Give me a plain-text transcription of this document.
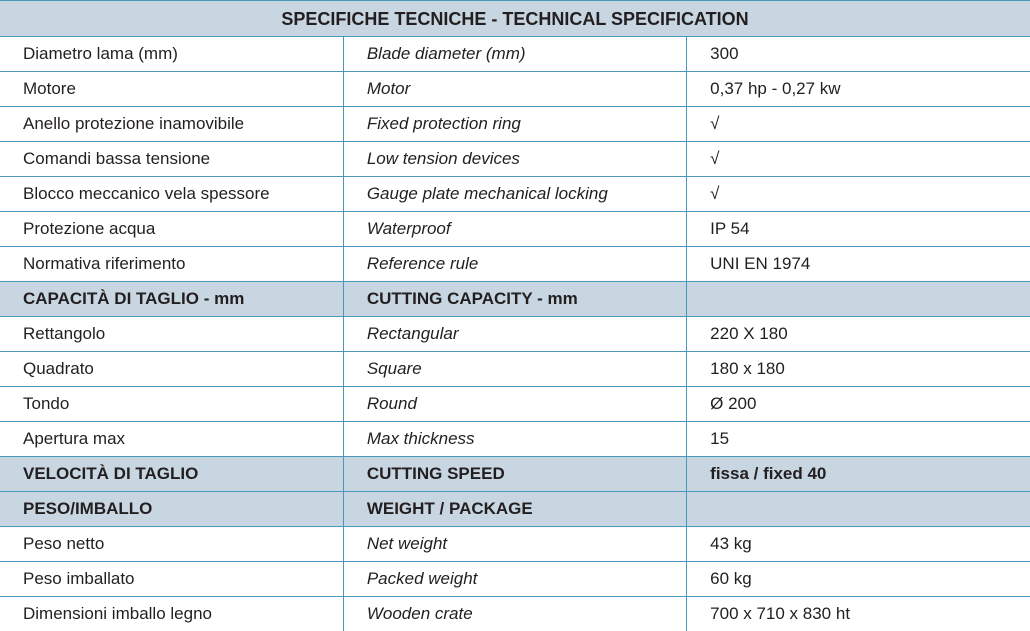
SPECIFICHE TECNICHE - TECHNICAL SPECIFICATION		
Diametro lama (mm)	Blade diameter (mm)	300
Motore	Motor	0,37 hp - 0,27 kw
Anello protezione inamovibile	Fixed protection ring	√
Comandi bassa tensione	Low tension devices	√
Blocco meccanico vela spessore	Gauge plate mechanical locking	√
Protezione acqua	Waterproof	IP 54
Normativa riferimento	Reference rule	UNI EN 1974
CAPACITÀ DI TAGLIO - mm	CUTTING CAPACITY - mm	
Rettangolo	Rectangular	220 X 180
Quadrato	Square	180 x 180
Tondo	Round	Ø 200
Apertura max	Max thickness	15
VELOCITÀ DI TAGLIO	CUTTING SPEED	fissa / fixed 40
PESO/IMBALLO	WEIGHT / PACKAGE	
Peso netto	Net weight	43 kg
Peso imballato	Packed weight	60 kg
Dimensioni imballo legno	Wooden crate	700 x 710 x 830 ht
